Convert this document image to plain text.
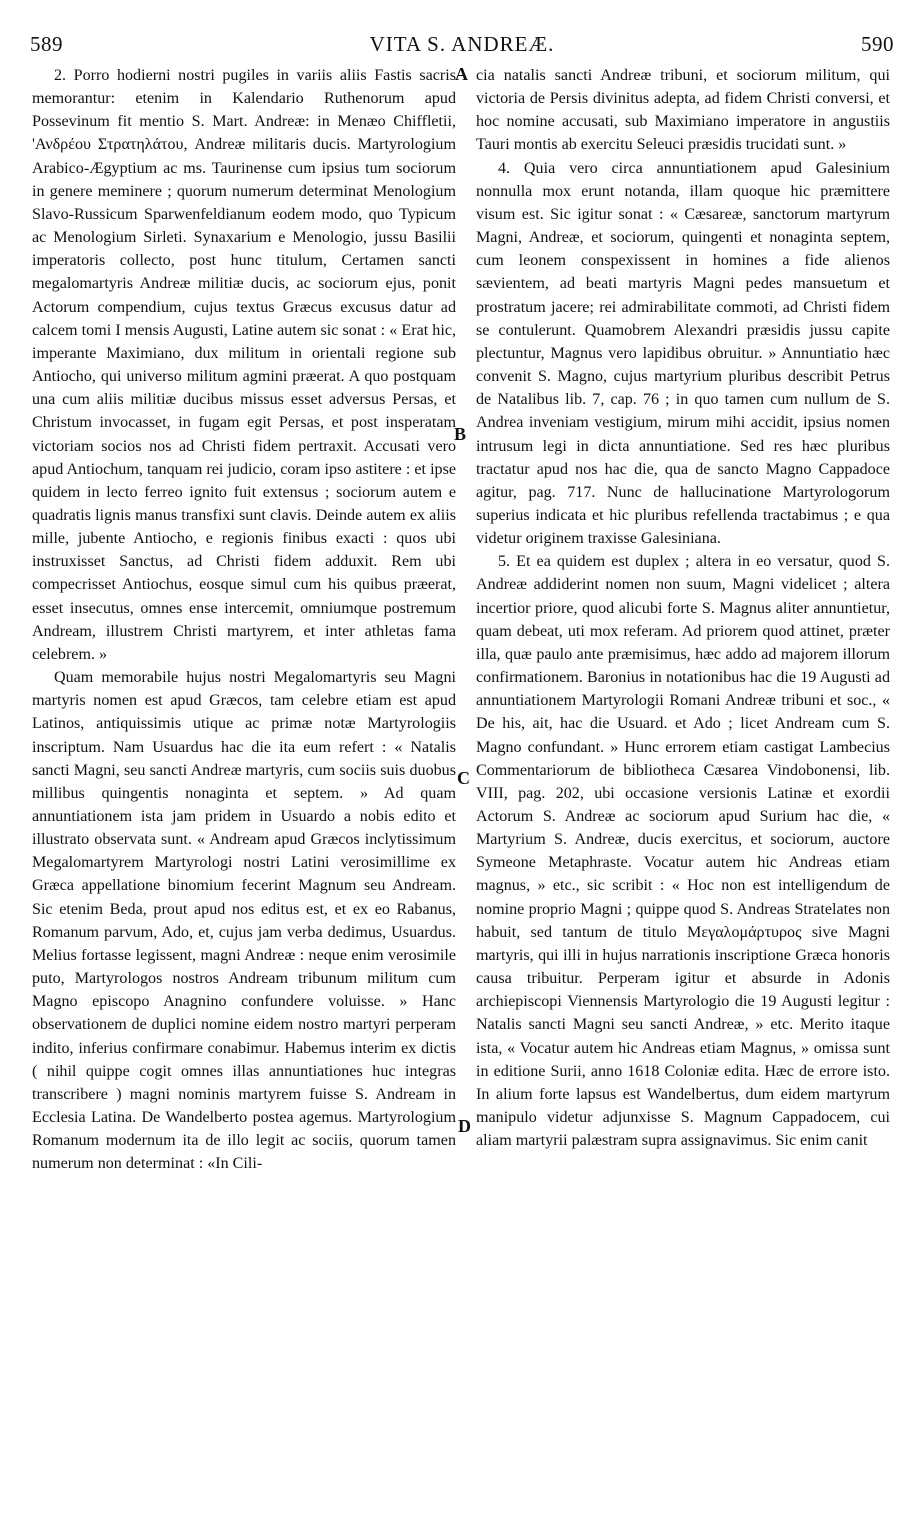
589	VITA S. ANDREÆ.	590

2. Porro hodierni nostri pugiles in variis aliis Fastis sacris memorantur: etenim in Kalendario Ruthenorum apud Possevinum fit mentio S. Mart. Andreæ: in Menæo Chiffletii, 'Ανδρέου Στρατηλάτου, Andreæ militaris ducis. Martyrologium Arabico-Ægyptium ac ms. Taurinense cum ipsius tum sociorum in genere meminere ; quorum numerum determinat Menologium Slavo-Russicum Sparwenfeldianum eodem modo, quo Typicum ac Menologium Sirleti. Synaxarium e Menologio, jussu Basilii imperatoris collecto, post hunc titulum, Certamen sancti megalomartyris Andreæ militiæ ducis, ac sociorum ejus, ponit Actorum compendium, cujus textus Græcus excusus datur ad calcem tomi I mensis Augusti, Latine autem sic sonat : « Erat hic, imperante Maximiano, dux militum in orientali regione sub Antiocho, qui universo militum agmini præerat. A quo postquam una cum aliis militiæ ducibus missus esset adversus Persas, et Christum invocasset, in fugam egit Persas, et post insperatam victoriam socios nos ad Christi fidem pertraxit. Accusati vero apud Antiochum, tanquam rei judicio, coram ipso astitere : et ipse quidem in lecto ferreo ignito fuit extensus ; sociorum autem e quadratis lignis manus transfixi sunt clavis. Deinde autem ex aliis mille, jubente Antiocho, e regionis finibus exacti : quos ubi instruxisset Sanctus, ad Christi fidem adduxit. Rem ubi compecrisset Antiochus, eosque simul cum his quibus præerat, esset insecutus, omnes ense intercemit, omniumque postremum Andream, illustrem Christi martyrem, et inter athletas fama celebrem. »

Quam memorabile hujus nostri Megalomartyris seu Magni martyris nomen est apud Græcos, tam celebre etiam est apud Latinos, antiquissimis utique ac primæ notæ Martyrologiis inscriptum. Nam Usuardus hac die ita eum refert : « Natalis sancti Magni, seu sancti Andreæ martyris, cum sociis suis duobus millibus quingentis nonaginta et septem. » Ad quam annuntiationem ista jam pridem in Usuardo a nobis edito et illustrato observata sunt. « Andream apud Græcos inclytissimum Megalomartyrem Martyrologi nostri Latini verosimillime ex Græca appellatione binomium fecerint Magnum seu Andream. Sic etenim Beda, prout apud nos editus est, et ex eo Rabanus, Romanum parvum, Ado, et, cujus jam verba dedimus, Usuardus. Melius fortasse legissent, magni Andreæ : neque enim verosimile puto, Martyrologos nostros Andream tribunum militum cum Magno episcopo Anagnino confundere voluisse. » Hanc observationem de duplici nomine eidem nostro martyri perperam indito, inferius confirmare conabimur. Habemus interim ex dictis ( nihil quippe cogit omnes illas annuntiationes huc integras transcribere ) magni nominis martyrem fuisse S. Andream in Ecclesia Latina. De Wandelberto postea agemus. Martyrologium Romanum modernum ita de illo legit ac sociis, quorum tamen numerum non determinat : «In Cili-

cia natalis sancti Andreæ tribuni, et sociorum militum, qui victoria de Persis divinitus adepta, ad fidem Christi conversi, et hoc nomine accusati, sub Maximiano imperatore in angustiis Tauri montis ab exercitu Seleuci præsidis trucidati sunt. »

4. Quia vero circa annuntiationem apud Galesinium nonnulla mox erunt notanda, illam quoque hic præmittere visum est. Sic igitur sonat : « Cæsareæ, sanctorum martyrum Magni, Andreæ, et sociorum, quingenti et nonaginta septem, cum leonem conspexissent in homines a fide alienos sævientem, ad beati martyris Magni pedes mansuetum et prostratum jacere; rei admirabilitate commoti, ad Christi fidem se contulerunt. Quamobrem Alexandri præsidis jussu capite plectuntur, Magnus vero lapidibus obruitur. » Annuntiatio hæc convenit S. Magno, cujus martyrium pluribus describit Petrus de Natalibus lib. 7, cap. 76 ; in quo tamen cum nullum de S. Andrea inveniam vestigium, mirum mihi accidit, ipsius nomen intrusum legi in dicta annuntiatione. Sed res hæc pluribus tractatur apud nos hac die, qua de sancto Magno Cappadoce agitur, pag. 717. Nunc de hallucinatione Martyrologorum superius indicata et hic pluribus refellenda tractabimus ; e qua videtur originem traxisse Galesiniana.

5. Et ea quidem est duplex ; altera in eo versatur, quod S. Andreæ addiderint nomen non suum, Magni videlicet ; altera incertior priore, quod alicubi forte S. Magnus aliter annuntietur, quam debeat, uti mox referam. Ad priorem quod attinet, præter illa, quæ paulo ante præmisimus, hæc addo ad majorem illorum confirmationem. Baronius in notationibus hac die 19 Augusti ad annuntiationem Martyrologii Romani Andreæ tribuni et soc., « De his, ait, hac die Usuard. et Ado ; licet Andream cum S. Magno confundant. » Hunc errorem etiam castigat Lambecius Commentariorum de bibliotheca Cæsarea Vindobonensi, lib. VIII, pag. 202, ubi occasione versionis Latinæ et exordii Actorum S. Andreæ ac sociorum apud Surium hac die, « Martyrium S. Andreæ, ducis exercitus, et sociorum, auctore Symeone Metaphraste. Vocatur autem hic Andreas etiam magnus, » etc., sic scribit : « Hoc non est intelligendum de nomine proprio Magni ; quippe quod S. Andreas Stratelates non habuit, sed tantum de titulo Μεγαλομάρτυρος sive Magni martyris, qui illi in hujus narrationis inscriptione Græca honoris causa tribuitur. Perperam igitur et absurde in Adonis archiepiscopi Viennensis Martyrologio die 19 Augusti legitur : Natalis sancti Magni seu sancti Andreæ, » etc. Merito itaque ista, « Vocatur autem hic Andreas etiam Magnus, » omissa sunt in editione Surii, anno 1618 Coloniæ edita. Hæc de errore isto. In alium forte lapsus est Wandelbertus, dum eidem martyrum manipulo videtur adjunxisse S. Magnum Cappadocem, cui aliam martyrii palæstram supra assignavimus. Sic enim canit

A
B
C
D
